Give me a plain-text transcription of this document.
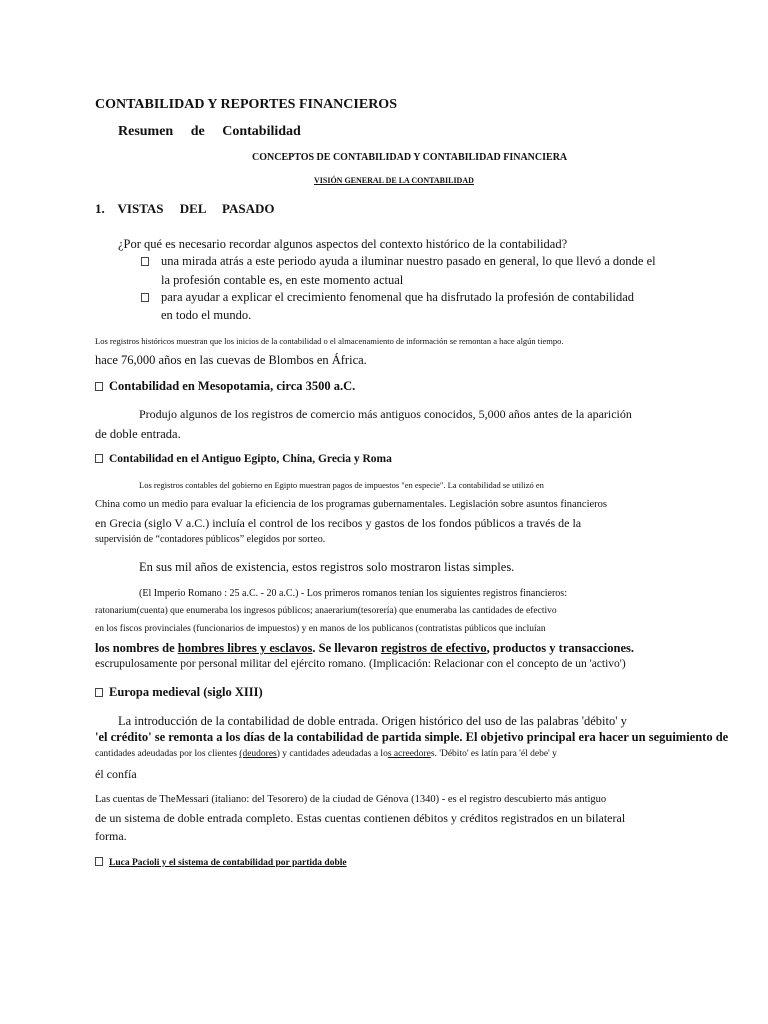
CONTABILIDAD Y REPORTES FINANCIEROS
Resumen     de     Contabilidad
CONCEPTOS DE CONTABILIDAD Y CONTABILIDAD FINANCIERA
VISIÓN GENERAL DE LA CONTABILIDAD
1.    VISTAS     DEL     PASADO
¿Por qué es necesario recordar algunos aspectos del contexto histórico de la contabilidad?
una mirada atrás a este periodo ayuda a iluminar nuestro pasado en general, lo que llevó a donde el
la profesión contable es, en este momento actual
para ayudar a explicar el crecimiento fenomenal que ha disfrutado la profesión de contabilidad
en todo el mundo.
Los registros históricos muestran que los inicios de la contabilidad o el almacenamiento de información se remontan a hace algún tiempo.
hace 76,000 años en las cuevas de Blombos en África.
Contabilidad en Mesopotamia, circa 3500 a.C.
Produjo algunos de los registros de comercio más antiguos conocidos, 5,000 años antes de la aparición
de doble entrada.
Contabilidad en el Antiguo Egipto, China, Grecia y Roma
Los registros contables del gobierno en Egipto muestran pagos de impuestos "en especie". La contabilidad se utilizó en
China como un medio para evaluar la eficiencia de los programas gubernamentales. Legislación sobre asuntos financieros
en Grecia (siglo V a.C.) incluía el control de los recibos y gastos de los fondos públicos a través de la
supervisión de “contadores públicos” elegidos por sorteo.
En sus mil años de existencia, estos registros solo mostraron listas simples.
(El Imperio Romano : 25 a.C. - 20 a.C.) - Los primeros romanos tenían los siguientes registros financieros:
ratonarium(cuenta) que enumeraba los ingresos públicos; anaerarium(tesorería) que enumeraba las cantidades de efectivo
en los fiscos provinciales (funcionarios de impuestos) y en manos de los publicanos (contratistas públicos que incluían
los nombres de hombres libres y esclavos. Se llevaron registros de efectivo, productos y transacciones.
escrupulosamente por personal militar del ejército romano. (Implicación: Relacionar con el concepto de un 'activo')
Europa medieval (siglo XIII)
La introducción de la contabilidad de doble entrada. Origen histórico del uso de las palabras 'débito' y
'el crédito' se remonta a los días de la contabilidad de partida simple. El objetivo principal era hacer un seguimiento de
cantidades adeudadas por los clientes (deudores) y cantidades adeudadas a los acreedores. 'Débito' es latín para 'él debe' y
él confía
Las cuentas de TheMessari (italiano: del Tesorero) de la ciudad de Génova (1340) - es el registro descubierto más antiguo
de un sistema de doble entrada completo. Estas cuentas contienen débitos y créditos registrados en un bilateral
forma.
Luca Pacioli y el sistema de contabilidad por partida doble
